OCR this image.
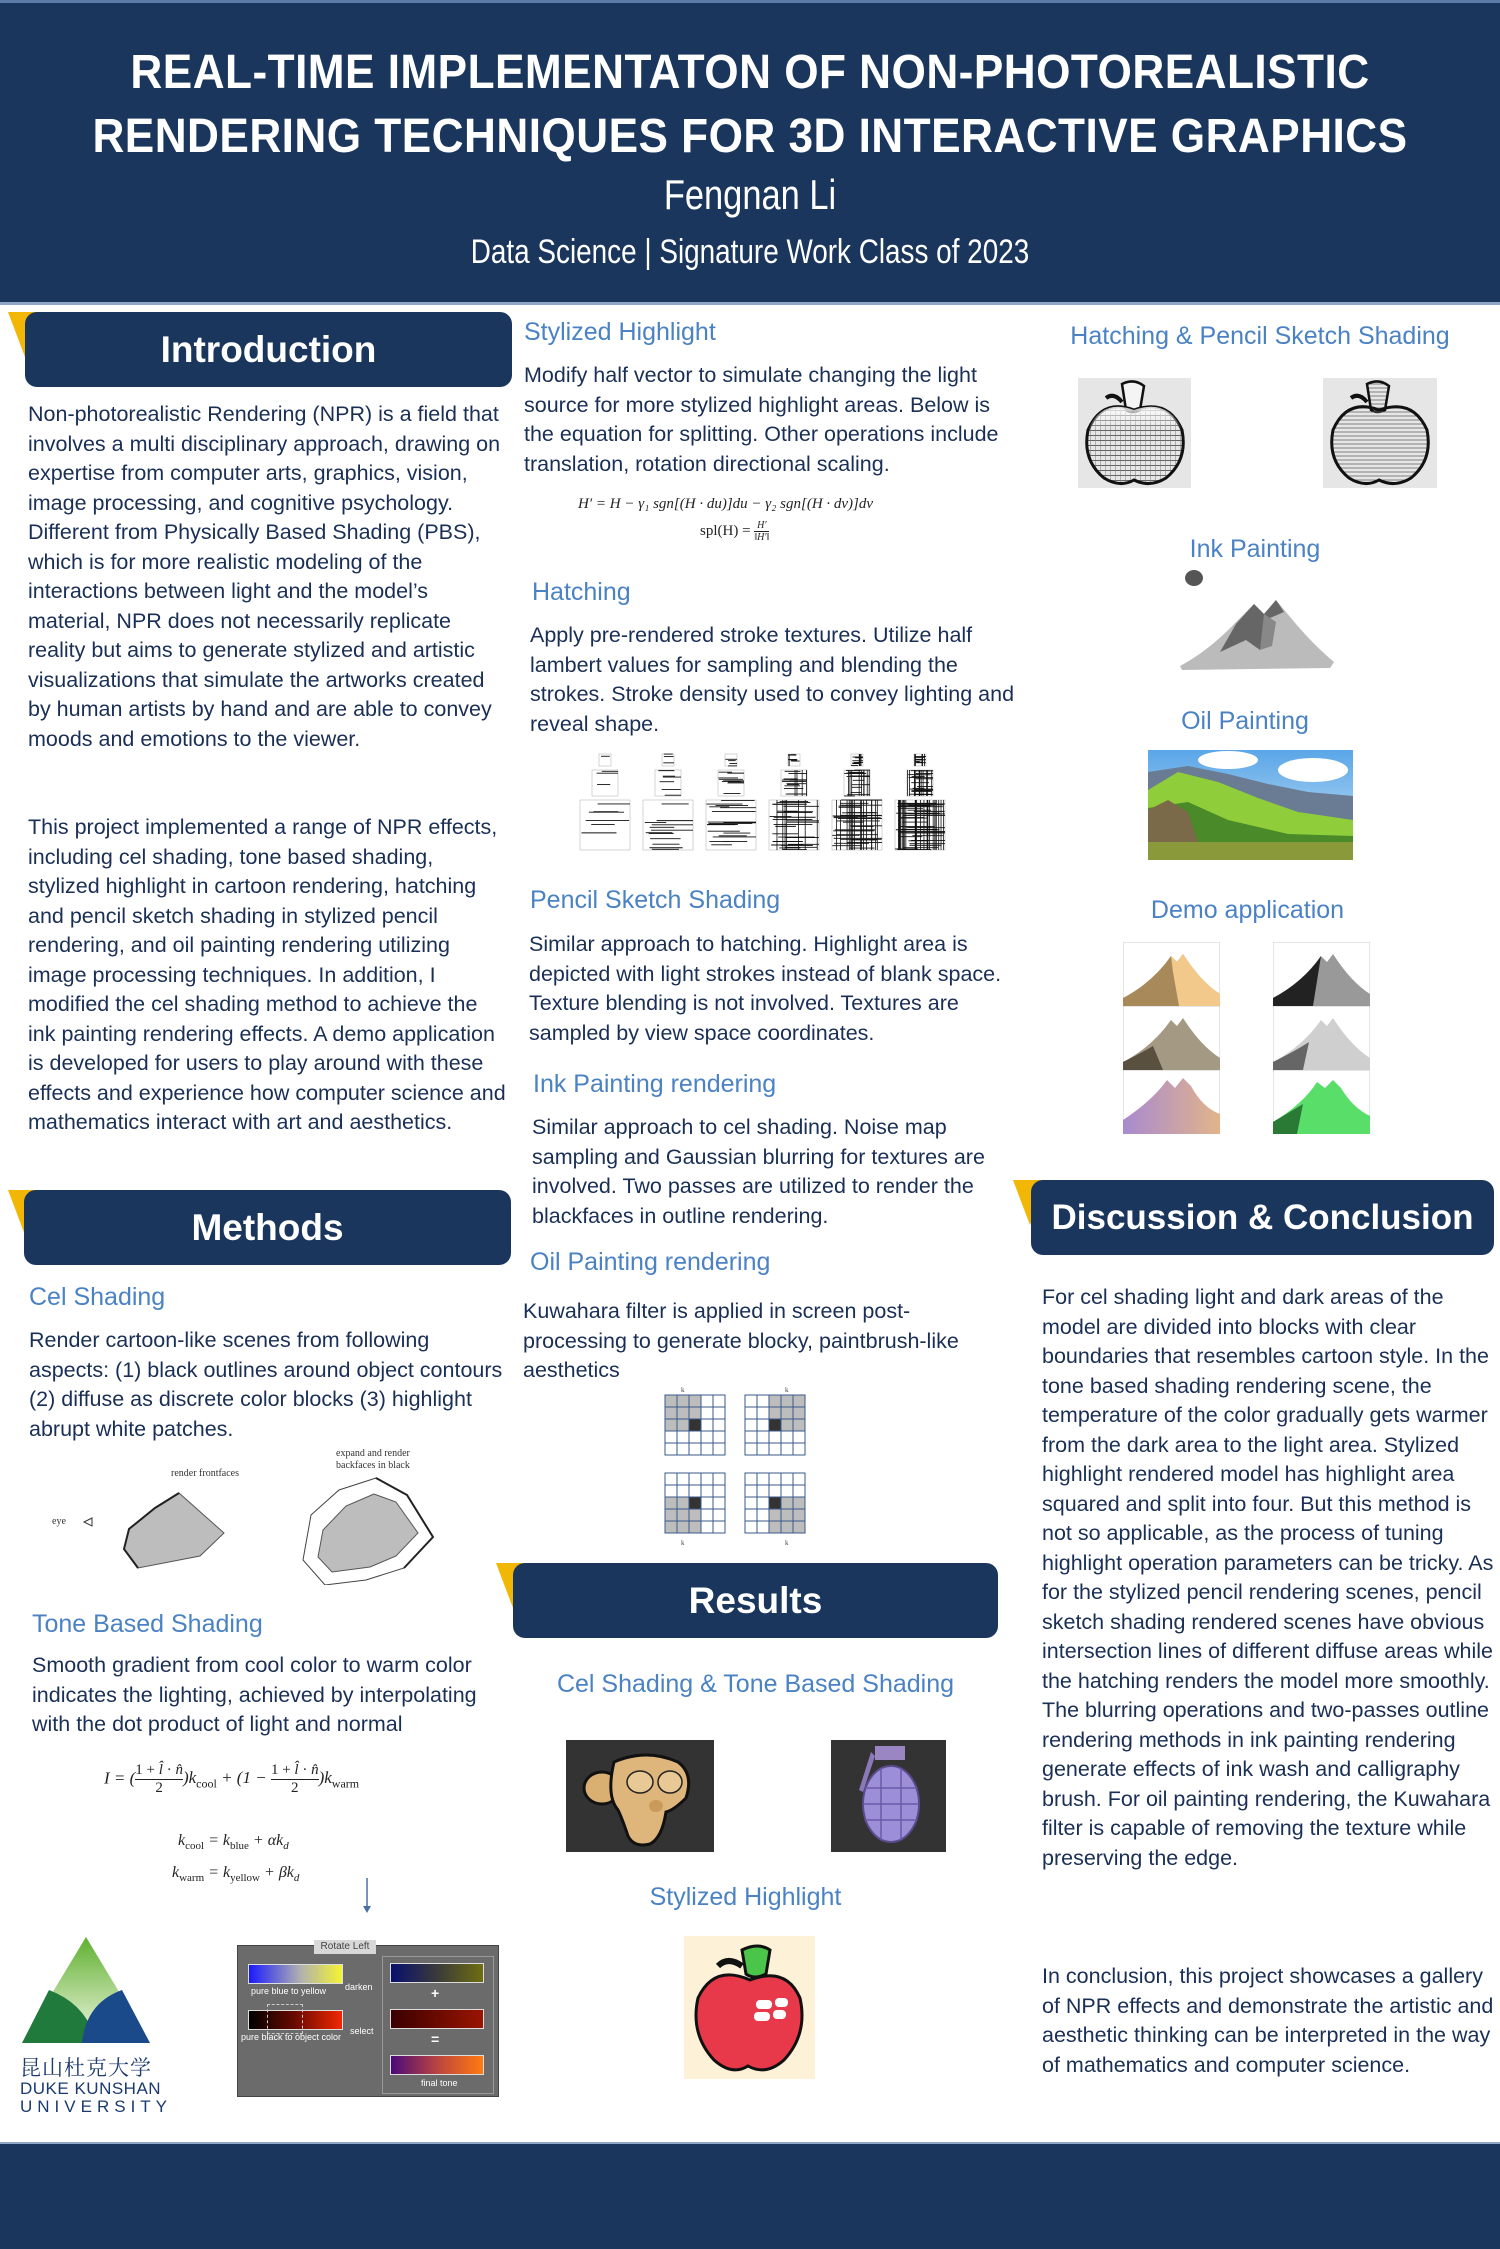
REAL-TIME IMPLEMENTATON OF NON-PHOTOREALISTIC
RENDERING TECHNIQUES FOR 3D INTERACTIVE GRAPHICS
Fengnan Li
Data Science | Signature Work Class of 2023
Introduction
Non-photorealistic Rendering (NPR) is a field that involves a multi disciplinary approach, drawing on expertise from computer arts, graphics, vision, image processing, and cognitive psychology. Different from Physically Based Shading (PBS), which is for more realistic modeling of the interactions between light and the model’s material, NPR does not necessarily replicate reality but aims to generate stylized and artistic visualizations that simulate the artworks created by human artists by hand and are able to convey moods and emotions to the viewer.
This project implemented a range of NPR effects, including cel shading, tone based shading, stylized highlight in cartoon rendering, hatching and pencil sketch shading in stylized pencil rendering, and oil painting rendering utilizing image processing techniques. In addition, I modified the cel shading method to achieve the ink painting rendering effects. A demo application is developed for users to play around with these effects and experience how computer science and mathematics interact with art and aesthetics.
Methods
Cel Shading
Render cartoon-like scenes from following aspects: (1) black outlines around object contours (2) diffuse as discrete color blocks (3) highlight abrupt white patches.
eye
render frontfaces
expand and render
backfaces in black
Tone Based Shading
Smooth gradient from cool color to warm color indicates the lighting, achieved by interpolating with the dot product of light and normal
I = ( $\frac{1 + l̂ \cdot n̂}{2} )k_{cool} + (1 - \frac{1 + l̂ \cdot n̂}{2} )k_{warm}$
$k_{cool} = k_{blue} + \alpha k_d$
$k_{warm} = k_{yellow} + \beta k_d$
昆山杜克大学
DUKE KUNSHAN
UNIVERSITY
Rotate Left
pure blue to yellow
pure black to object color
darken
select
+
=
final tone
Stylized Highlight
Modify half vector to simulate changing the light source for more stylized highlight areas. Below is the equation for splitting. Other operations include translation, rotation directional scaling.
H′ = H − γ₁ sgn[(H · du)]du − γ₂ sgn[(H · dv)]dv
$spl(H) = \frac{H'}{‖H'‖}$
Hatching
Apply pre-rendered stroke textures. Utilize half lambert values for sampling and blending the strokes. Stroke density used to convey lighting and reveal shape.
Pencil Sketch Shading
Similar approach to hatching. Highlight area is depicted with light strokes instead of blank space. Texture blending is not involved. Textures are sampled by view space coordinates.
Ink Painting rendering
Similar approach to cel shading. Noise map sampling and Gaussian blurring for textures are involved. Two passes are utilized to render the blackfaces in outline rendering.
Oil Painting rendering
Kuwahara filter is applied in screen post-processing to generate blocky, paintbrush-like aesthetics
k	k
k	k
Results
Cel Shading & Tone Based Shading
Stylized Highlight
Hatching & Pencil Sketch Shading
Ink Painting
Oil Painting
Demo application
Discussion & Conclusion
For cel shading light and dark areas of the model are divided into blocks with clear boundaries that resembles cartoon style. In the tone based shading rendering scene, the temperature of the color gradually gets warmer from the dark area to the light area. Stylized highlight rendered model has highlight area squared and split into four. But this method is not so applicable, as the process of tuning highlight operation parameters can be tricky. As for the stylized pencil rendering scenes, pencil sketch shading rendered scenes have obvious intersection lines of different diffuse areas while the hatching renders the model more smoothly. The blurring operations and two-passes outline rendering methods in ink painting rendering generate effects of ink wash and calligraphy brush. For oil painting rendering, the Kuwahara filter is capable of removing the texture while preserving the edge.
In conclusion, this project showcases a gallery of NPR effects and demonstrate the artistic and aesthetic thinking can be interpreted in the way of mathematics and computer science.
